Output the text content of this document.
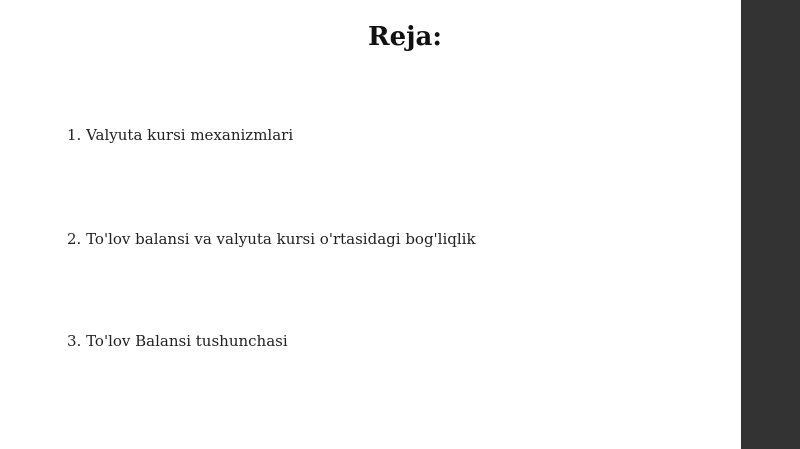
Reja:
1. Valyuta kursi mexanizmlari
2. To'lov balansi va valyuta kursi o'rtasidagi bog'liqlik
3. To'lov Balansi tushunchasi
